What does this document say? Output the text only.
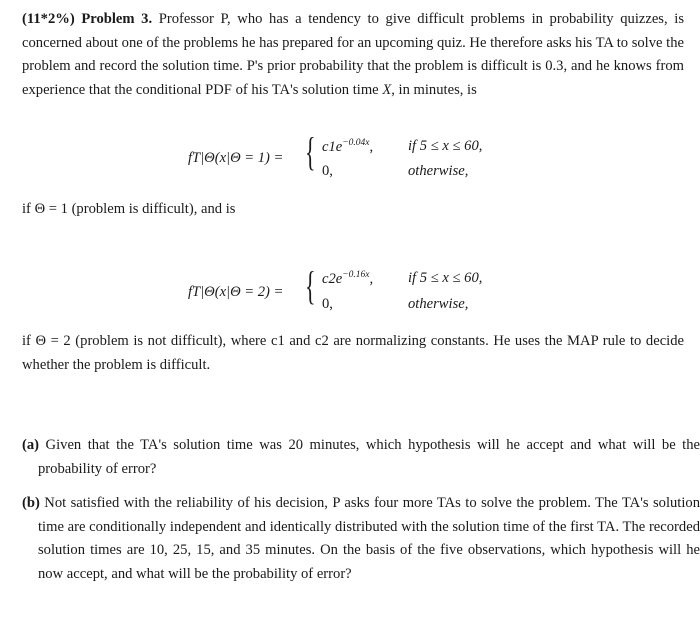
(11*2%) Problem 3. Professor P, who has a tendency to give difficult problems in probability quizzes, is concerned about one of the problems he has prepared for an upcoming quiz. He therefore asks his TA to solve the problem and record the solution time. P's prior probability that the problem is difficult is 0.3, and he knows from experience that the conditional PDF of his TA's solution time X, in minutes, is
fT|Θ(x|Θ = 1) = { $c1e^{-0.04x}$, if 5 ≤ x ≤ 60,
0,	otherwise,
if Θ = 1 (problem is difficult), and is
fT|Θ(x|Θ = 2) = { $c2e^{-0.16x}$, if 5 ≤ x ≤ 60,
0,	otherwise,
if Θ = 2 (problem is not difficult), where c1 and c2 are normalizing constants. He uses the MAP rule to decide whether the problem is difficult.
(a) Given that the TA's solution time was 20 minutes, which hypothesis will he accept and what will be the probability of error?
(b) Not satisfied with the reliability of his decision, P asks four more TAs to solve the problem. The TA's solution time are conditionally independent and identically distributed with the solution time of the first TA. The recorded solution times are 10, 25, 15, and 35 minutes. On the basis of the five observations, which hypothesis will he now accept, and what will be the probability of error?
